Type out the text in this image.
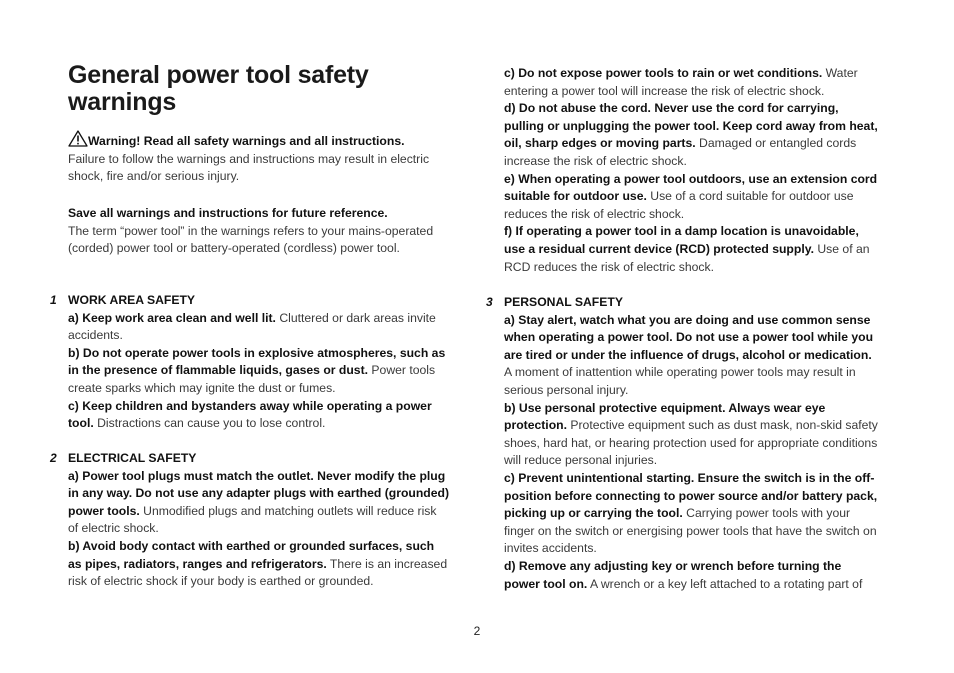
General power tool safety warnings

Warning! Read all safety warnings and all instructions.
Failure to follow the warnings and instructions may result in electric shock, fire and/or serious injury.

Save all warnings and instructions for future reference.
The term “power tool” in the warnings refers to your mains-operated (corded) power tool or battery-operated (cordless) power tool.

1 WORK AREA SAFETY

a) Keep work area clean and well lit. Cluttered or dark areas invite accidents.

b) Do not operate power tools in explosive atmospheres, such as in the presence of flammable liquids, gases or dust. Power tools create sparks which may ignite the dust or fumes.

c) Keep children and bystanders away while operating a power tool. Distractions can cause you to lose control.

2 ELECTRICAL SAFETY

a) Power tool plugs must match the outlet. Never modify the plug in any way. Do not use any adapter plugs with earthed (grounded) power tools. Unmodified plugs and matching outlets will reduce risk of electric shock.

b) Avoid body contact with earthed or grounded surfaces, such as pipes, radiators, ranges and refrigerators. There is an increased risk of electric shock if your body is earthed or grounded.

c) Do not expose power tools to rain or wet conditions. Water entering a power tool will increase the risk of electric shock.

d) Do not abuse the cord. Never use the cord for carrying, pulling or unplugging the power tool. Keep cord away from heat, oil, sharp edges or moving parts. Damaged or entangled cords increase the risk of electric shock.

e) When operating a power tool outdoors, use an extension cord suitable for outdoor use. Use of a cord suitable for outdoor use reduces the risk of electric shock.

f) If operating a power tool in a damp location is unavoidable, use a residual current device (RCD) protected supply. Use of an RCD reduces the risk of electric shock.

3 PERSONAL SAFETY

a) Stay alert, watch what you are doing and use common sense when operating a power tool. Do not use a power tool while you are tired or under the influence of drugs, alcohol or medication. A moment of inattention while operating power tools may result in serious personal injury.

b) Use personal protective equipment. Always wear eye protection. Protective equipment such as dust mask, non-skid safety shoes, hard hat, or hearing protection used for appropriate conditions will reduce personal injuries.

c) Prevent unintentional starting. Ensure the switch is in the off-position before connecting to power source and/or battery pack, picking up or carrying the tool. Carrying power tools with your finger on the switch or energising power tools that have the switch on invites accidents.

d) Remove any adjusting key or wrench before turning the power tool on. A wrench or a key left attached to a rotating part of

2
